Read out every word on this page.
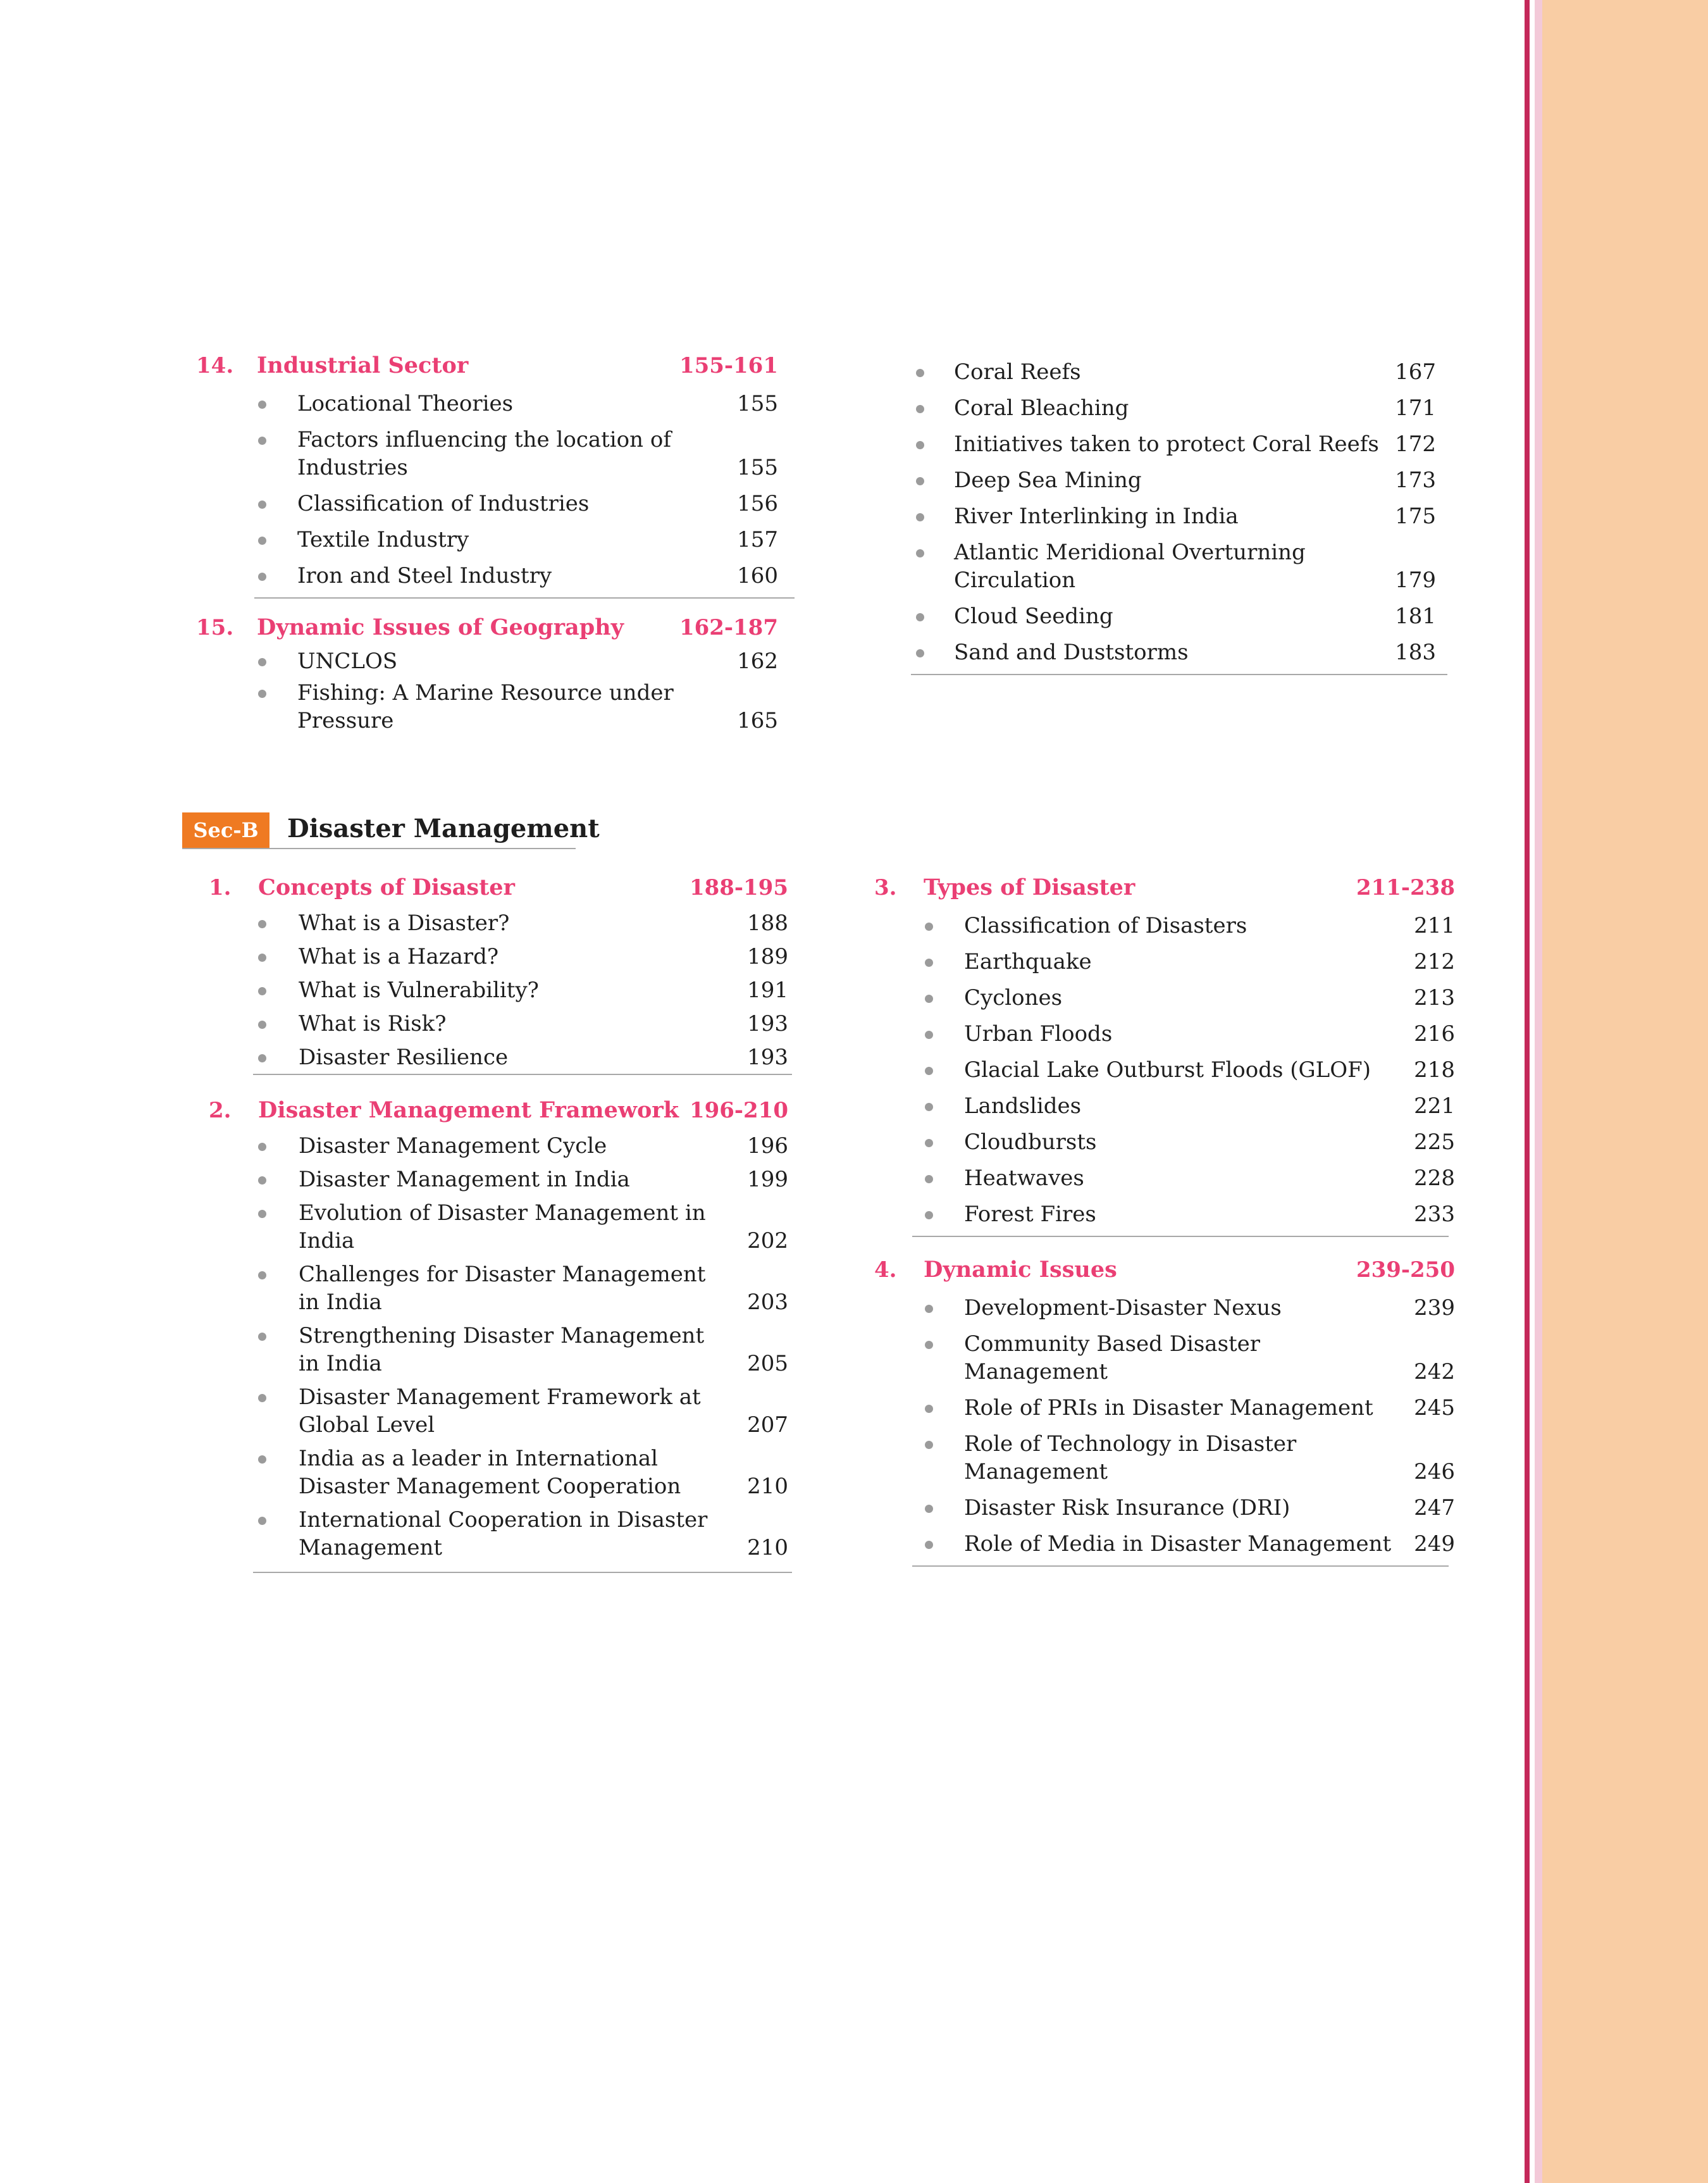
14. Industrial Sector	155-161
Locational Theories	155
Factors influencing the location of Industries	155
Classification of Industries	156
Textile Industry	157
Iron and Steel Industry	160
15. Dynamic Issues of Geography	162-187
UNCLOS	162
Fishing: A Marine Resource under Pressure	165
Coral Reefs	167
Coral Bleaching	171
Initiatives taken to protect Coral Reefs 172
Deep Sea Mining	173
River Interlinking in India	175
Atlantic Meridional Overturning Circulation	179
Cloud Seeding	181
Sand and Duststorms	183
Sec-B	Disaster Management
1. Concepts of Disaster	188-195
What is a Disaster?	188
What is a Hazard?	189
What is Vulnerability?	191
What is Risk?	193
Disaster Resilience	193
2. Disaster Management Framework 196-210
Disaster Management Cycle	196
Disaster Management in India	199
Evolution of Disaster Management in India	202
Challenges for Disaster Management in India	203
Strengthening Disaster Management in India	205
Disaster Management Framework at Global Level	207
India as a leader in International Disaster Management Cooperation	210
International Cooperation in Disaster Management	210
3. Types of Disaster	211-238
Classification of Disasters	211
Earthquake	212
Cyclones	213
Urban Floods	216
Glacial Lake Outburst Floods (GLOF) 218
Landslides	221
Cloudbursts	225
Heatwaves	228
Forest Fires	233
4. Dynamic Issues	239-250
Development-Disaster Nexus	239
Community Based Disaster Management	242
Role of PRIs in Disaster Management 245
Role of Technology in Disaster Management	246
Disaster Risk Insurance (DRI)	247
Role of Media in Disaster Management 249
